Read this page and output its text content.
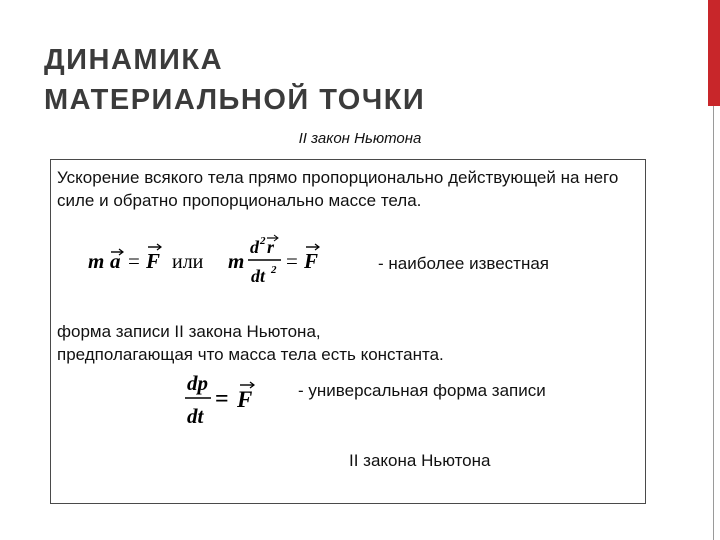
ДИНАМИКА
МАТЕРИАЛЬНОЙ ТОЧКИ
II закон Ньютона
Ускорение всякого тела прямо пропорционально действующей на него силе и обратно пропорционально массе тела.
m a = F или m
d 2 r
dt 2 = F	- наиболее известная
форма записи II закона Ньютона,
предполагающая что масса тела есть константа.
dp
dt
= F	- универсальная форма записи
II закона Ньютона
